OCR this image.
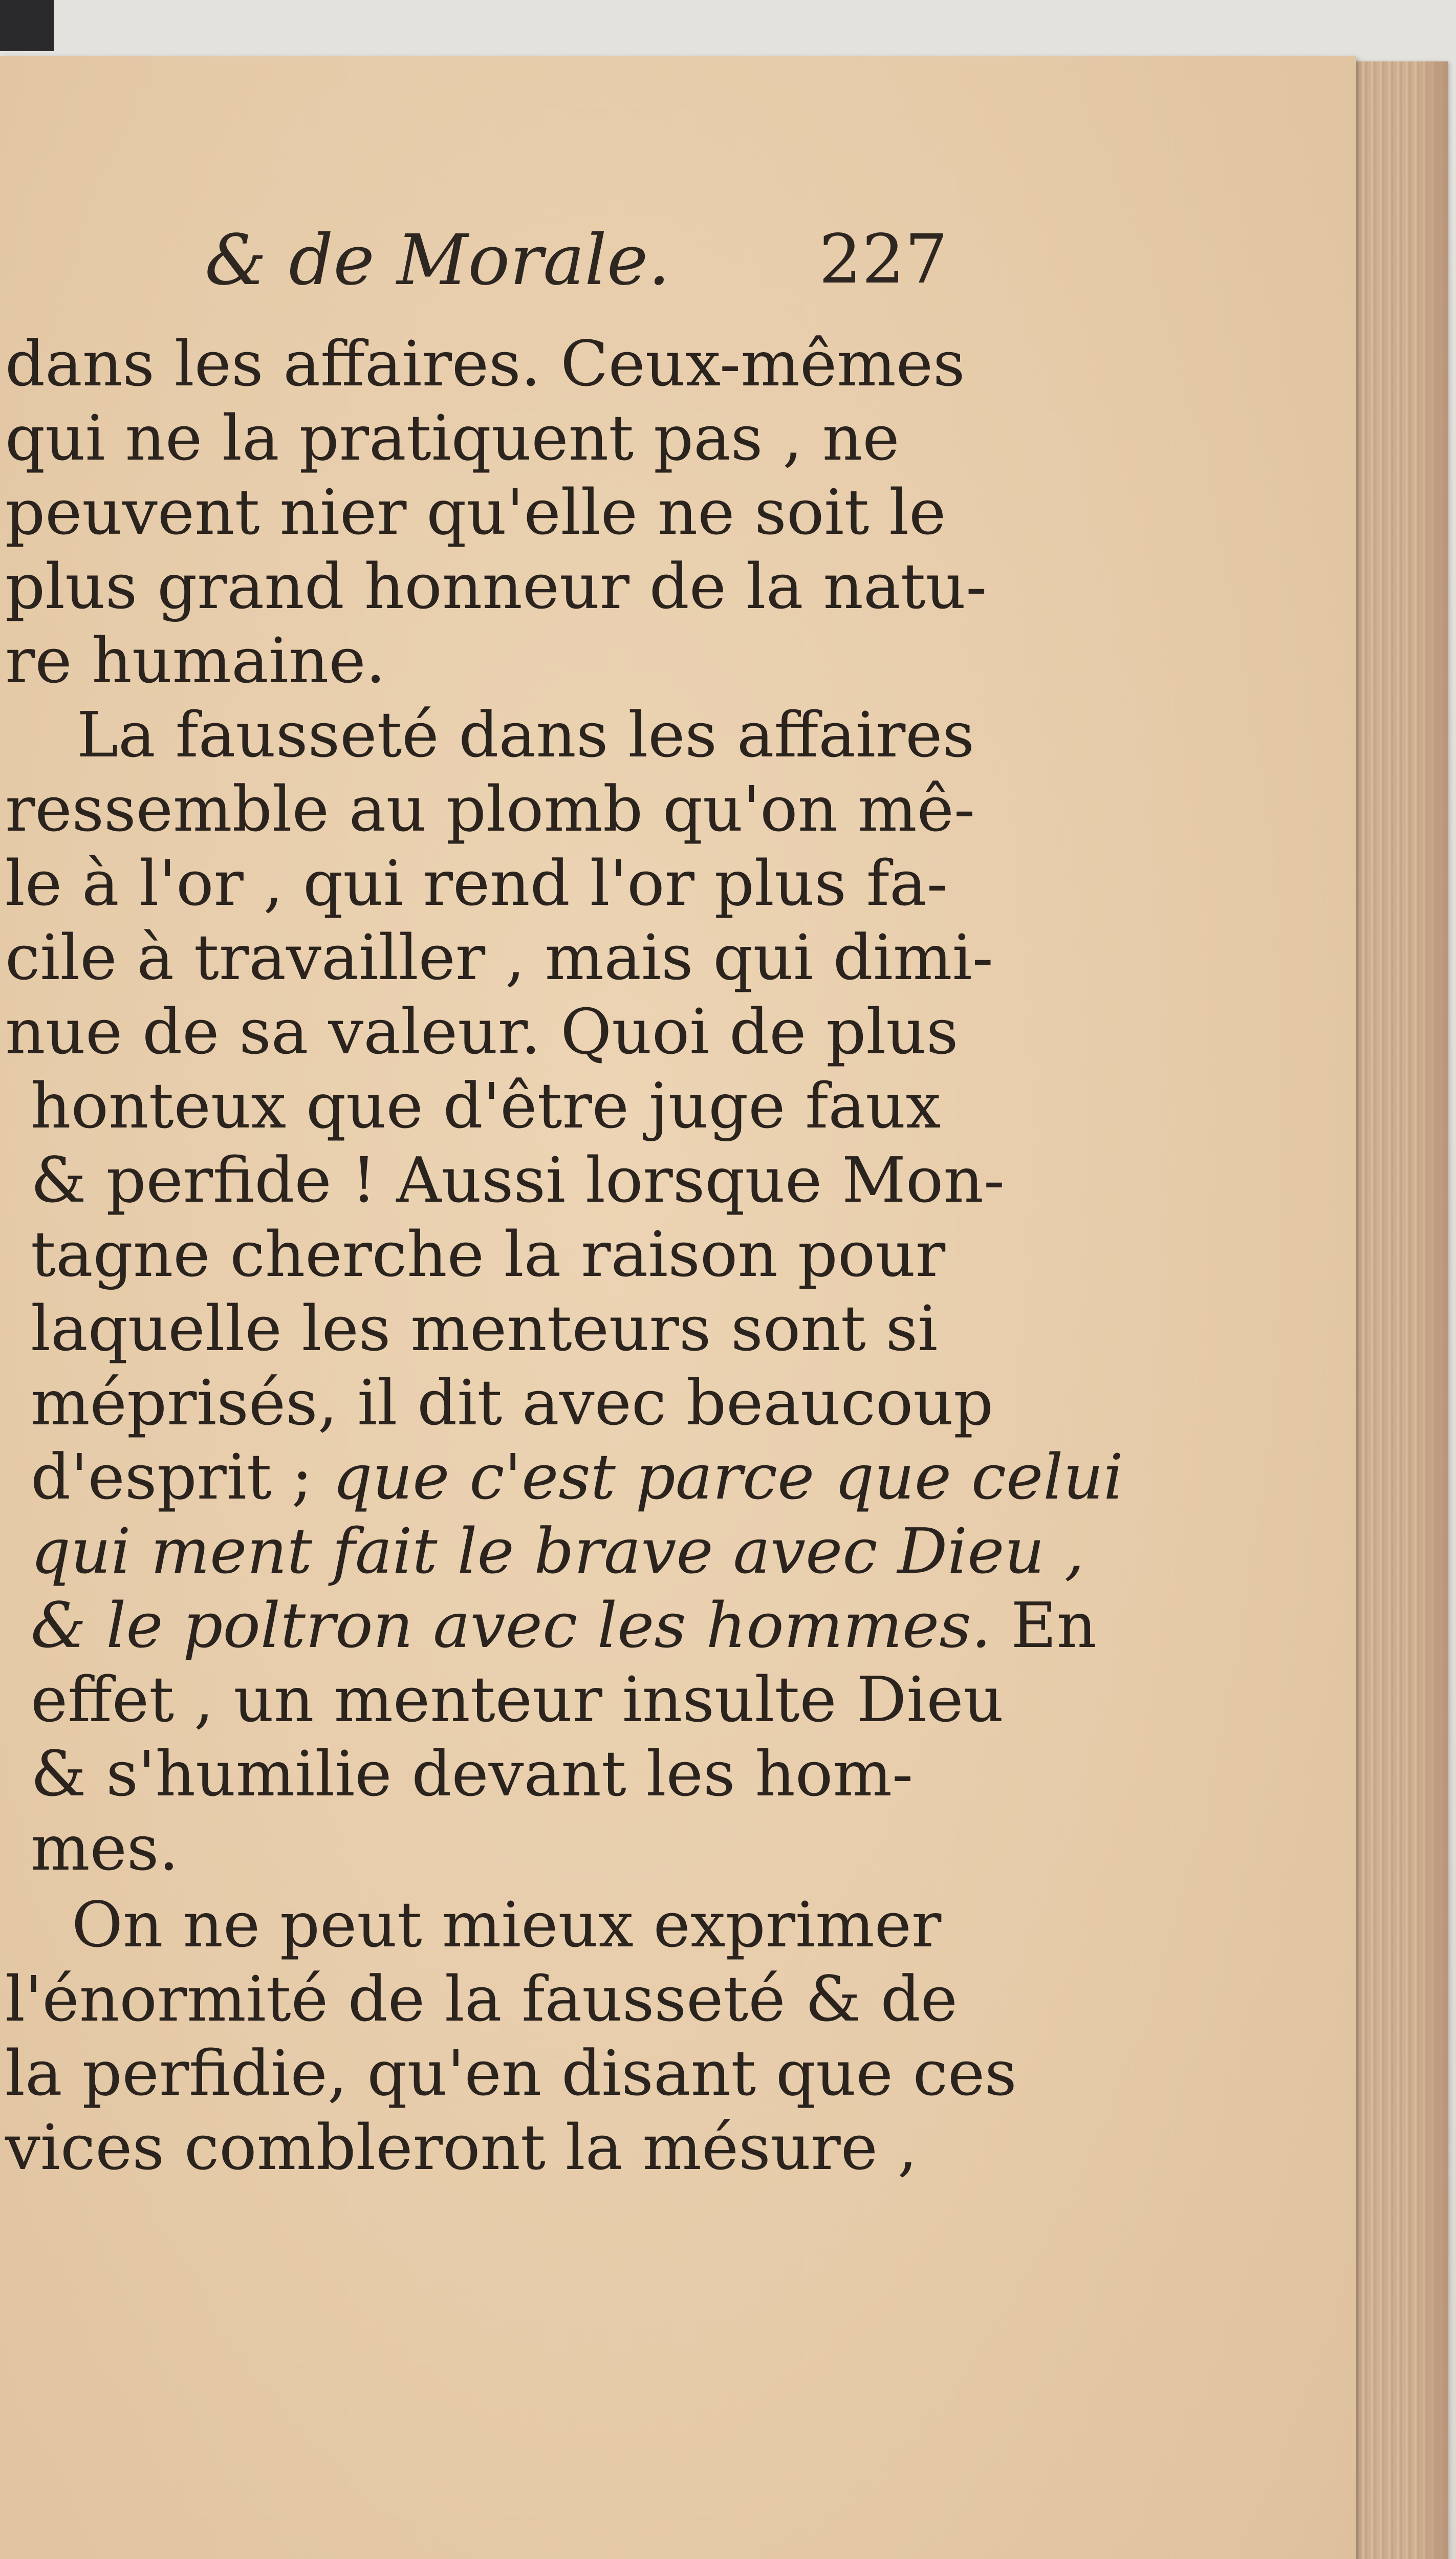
& de Morale. 227
dans les affaires. Ceux-mêmes
qui ne la pratiquent pas , ne
peuvent nier qu'elle ne soit le
plus grand honneur de la natu-
re humaine.
La fausseté dans les affaires
ressemble au plomb qu'on mê-
le à l'or , qui rend l'or plus fa-
cile à travailler , mais qui dimi-
nue de sa valeur. Quoi de plus
honteux que d'être juge faux
& perfide ! Aussi lorsque Mon-
tagne cherche la raison pour
laquelle les menteurs sont si
méprisés, il dit avec beaucoup
d'esprit ; que c'est parce que celui
qui ment fait le brave avec Dieu ,
& le poltron avec les hommes. En
effet , un menteur insulte Dieu
& s'humilie devant les hom-
mes.
On ne peut mieux exprimer
l'énormité de la fausseté & de
la perfidie, qu'en disant que ces
vices combleront la mésure ,
